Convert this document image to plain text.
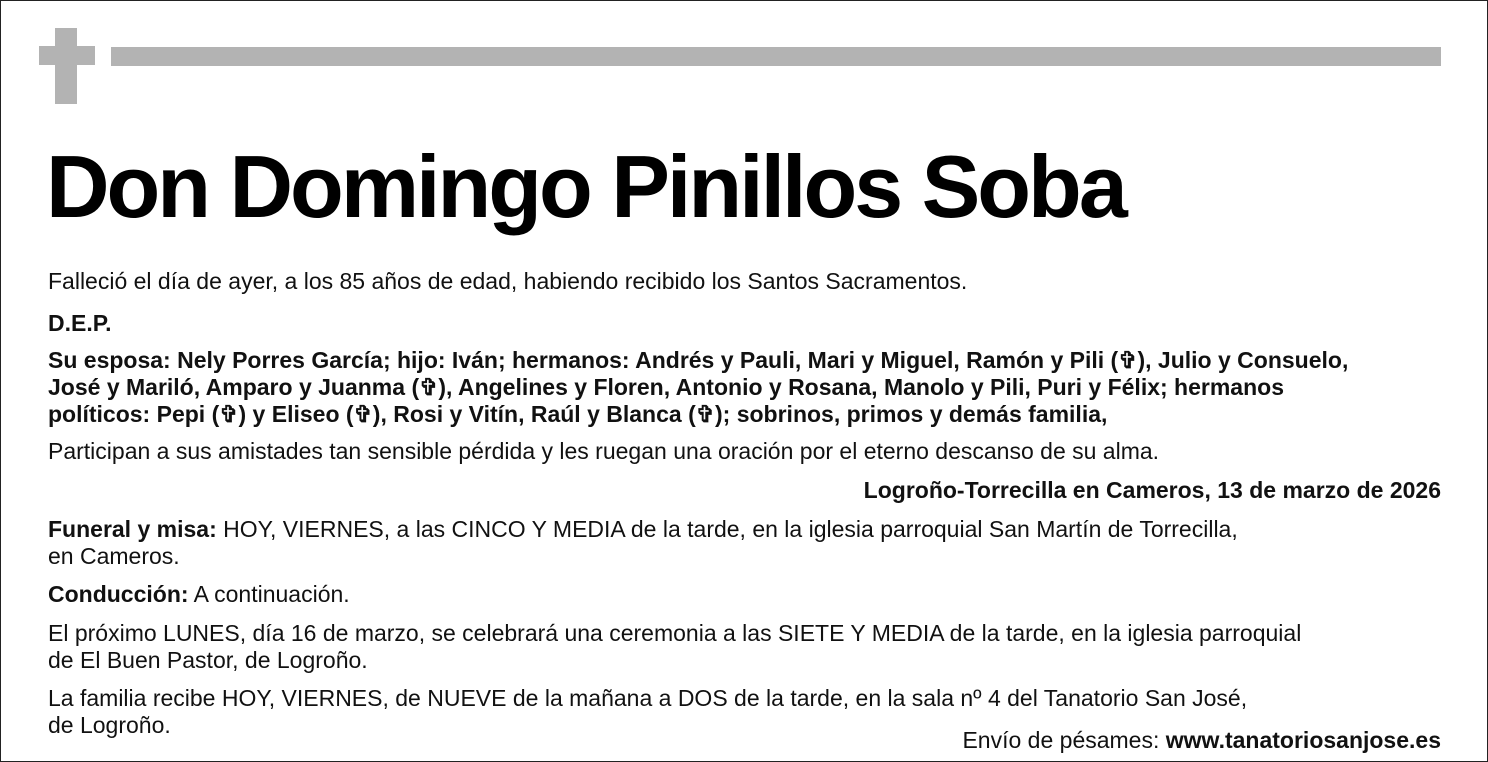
Don Domingo Pinillos Soba

Falleció el día de ayer, a los 85 años de edad, habiendo recibido los Santos Sacramentos.

D.E.P.

Su esposa: Nely Porres García; hijo: Iván; hermanos: Andrés y Pauli, Mari y Miguel, Ramón y Pili (✞), Julio y Consuelo,

José y Mariló, Amparo y Juanma (✞), Angelines y Floren, Antonio y Rosana, Manolo y Pili, Puri y Félix; hermanos

políticos: Pepi (✞) y Eliseo (✞), Rosi y Vitín, Raúl y Blanca (✞); sobrinos, primos y demás familia,

Participan a sus amistades tan sensible pérdida y les ruegan una oración por el eterno descanso de su alma.

Logroño-Torrecilla en Cameros, 13 de marzo de 2026

Funeral y misa: HOY, VIERNES, a las CINCO Y MEDIA de la tarde, en la iglesia parroquial San Martín de Torrecilla,

en Cameros.

Conducción: A continuación.

El próximo LUNES, día 16 de marzo, se celebrará una ceremonia a las SIETE Y MEDIA de la tarde, en la iglesia parroquial

de El Buen Pastor, de Logroño.

La familia recibe HOY, VIERNES, de NUEVE de la mañana a DOS de la tarde, en la sala nº 4 del Tanatorio San José,

de Logroño.

Envío de pésames: www.tanatoriosanjose.es
